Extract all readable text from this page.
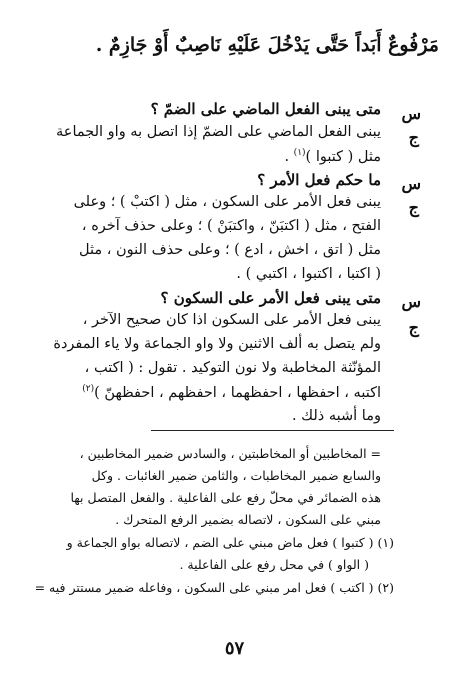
مَرْفُوعٌ أَبَداً حَتَّى يَدْخُلَ عَلَيْهِ نَاصِبٌ أَوْ جَازِمٌ .
س
متى يبنى الفعل الماضي على الضمّ ؟
ج
يبنى الفعل الماضي على الضمّ إذا اتصل به واو الجماعة
مثل ( كتبوا )$^{(١)}$ .
س
ما حكم فعل الأمر ؟
ج
يبنى فعل الأمر على السكون ، مثل ( اكتبْ ) ؛ وعلى
الفتح ، مثل ( اكتبَنّ ، واكتبَنْ ) ؛ وعلى حذف آخره ،
مثل ( اتق ، اخش ، ادع ) ؛ وعلى حذف النون ، مثل
( اكتبا ، اكتبوا ، اكتبي ) .
س
متى يبنى فعل الأمر على السكون ؟
ج
يبنى فعل الأمر على السكون اذا كان صحيح الآخر ،
ولم يتصل به ألف الاثنين ولا واو الجماعة ولا ياء المفردة
المؤنّثة المخاطبة ولا نون التوكيد . تقول : ( اكتب ،
اكتبه ، احفظها ، احفظهما ، احفظهم ، احفظهنّ )$^{(٢)}$
وما أشبه ذلك .
= المخاطبين أو المخاطبتين ، والسادس ضمير المخاطبين ،
والسابع ضمير المخاطبات ، والثامن ضمير الغائبات . وكل
هذه الضمائر في محلّ رفع على الفاعلية . والفعل المتصل بها
مبني على السكون ، لاتصاله بضمير الرفع المتحرك .
(١) ( كتبوا ) فعل ماض مبني على الضم ، لاتصاله بواو الجماعة و
( الواو ) في محل رفع على الفاعلية .
(٢) ( اكتب ) فعل امر مبني على السكون ، وفاعله ضمير مستتر فيه =
٥٧
